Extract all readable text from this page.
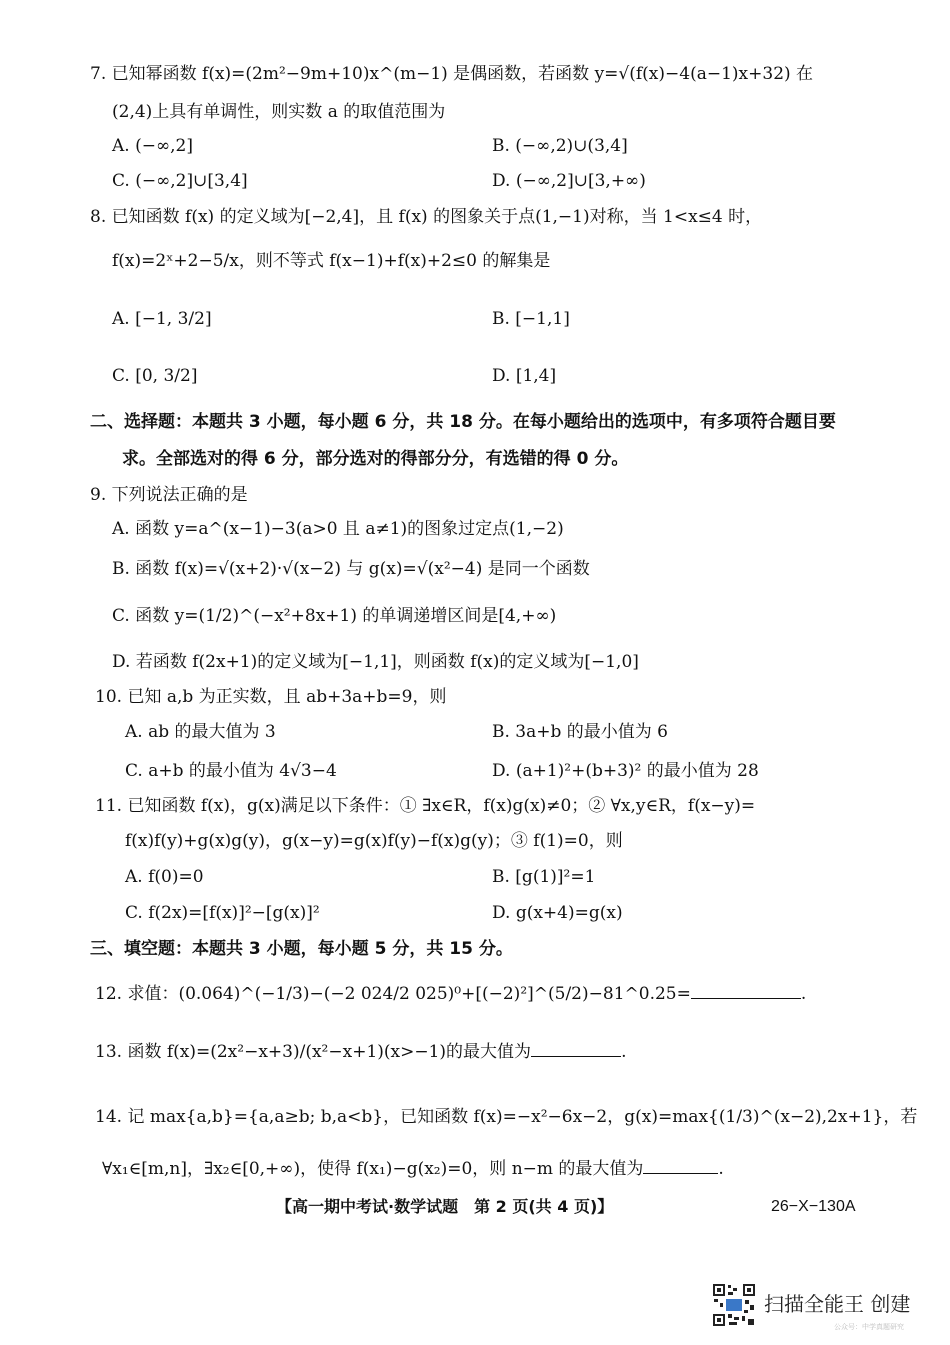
7. 已知幂函数 f(x)=(2m²−9m+10)x^(m−1) 是偶函数，若函数 y=√(f(x)−4(a−1)x+32) 在
(2,4)上具有单调性，则实数 a 的取值范围为
A. (−∞,2]	B. (−∞,2)∪(3,4]
C. (−∞,2]∪[3,4]	D. (−∞,2]∪[3,+∞)
8. 已知函数 f(x) 的定义域为[−2,4]，且 f(x) 的图象关于点(1,−1)对称，当 1<x≤4 时，
f(x)=2ˣ+2−5/x，则不等式 f(x−1)+f(x)+2≤0 的解集是
A. [−1, 3/2]	B. [−1,1]
C. [0, 3/2]	D. [1,4]
二、选择题：本题共 3 小题，每小题 6 分，共 18 分。在每小题给出的选项中，有多项符合题目要
求。全部选对的得 6 分，部分选对的得部分分，有选错的得 0 分。
9. 下列说法正确的是
A. 函数 y=a^(x−1)−3(a>0 且 a≠1)的图象过定点(1,−2)
B. 函数 f(x)=√(x+2)·√(x−2) 与 g(x)=√(x²−4) 是同一个函数
C. 函数 y=(1/2)^(−x²+8x+1) 的单调递增区间是[4,+∞)
D. 若函数 f(2x+1)的定义域为[−1,1]，则函数 f(x)的定义域为[−1,0]
10. 已知 a,b 为正实数，且 ab+3a+b=9，则
A. ab 的最大值为 3	B. 3a+b 的最小值为 6
C. a+b 的最小值为 4√3−4	D. (a+1)²+(b+3)² 的最小值为 28
11. 已知函数 f(x)，g(x)满足以下条件：① ∃x∈R，f(x)g(x)≠0；② ∀x,y∈R，f(x−y)=
f(x)f(y)+g(x)g(y)，g(x−y)=g(x)f(y)−f(x)g(y)；③ f(1)=0，则
A. f(0)=0	B. [g(1)]²=1
C. f(2x)=[f(x)]²−[g(x)]²	D. g(x+4)=g(x)
三、填空题：本题共 3 小题，每小题 5 分，共 15 分。
12. 求值：(0.064)^(−1/3)−(−2 024/2 025)⁰+[(−2)²]^(5/2)−81^0.25=	.
13. 函数 f(x)=(2x²−x+3)/(x²−x+1)(x>−1)的最大值为	.
14. 记 max{a,b}={a,a≥b; b,a<b}，已知函数 f(x)=−x²−6x−2，g(x)=max{(1/3)^(x−2),2x+1}，若
∀x₁∈[m,n]，∃x₂∈[0,+∞)，使得 f(x₁)−g(x₂)=0，则 n−m 的最大值为	.
【高一期中考试·数学试题　第 2 页(共 4 页)】	26−X−130A
扫描全能王 创建
公众号：中学真题研究
